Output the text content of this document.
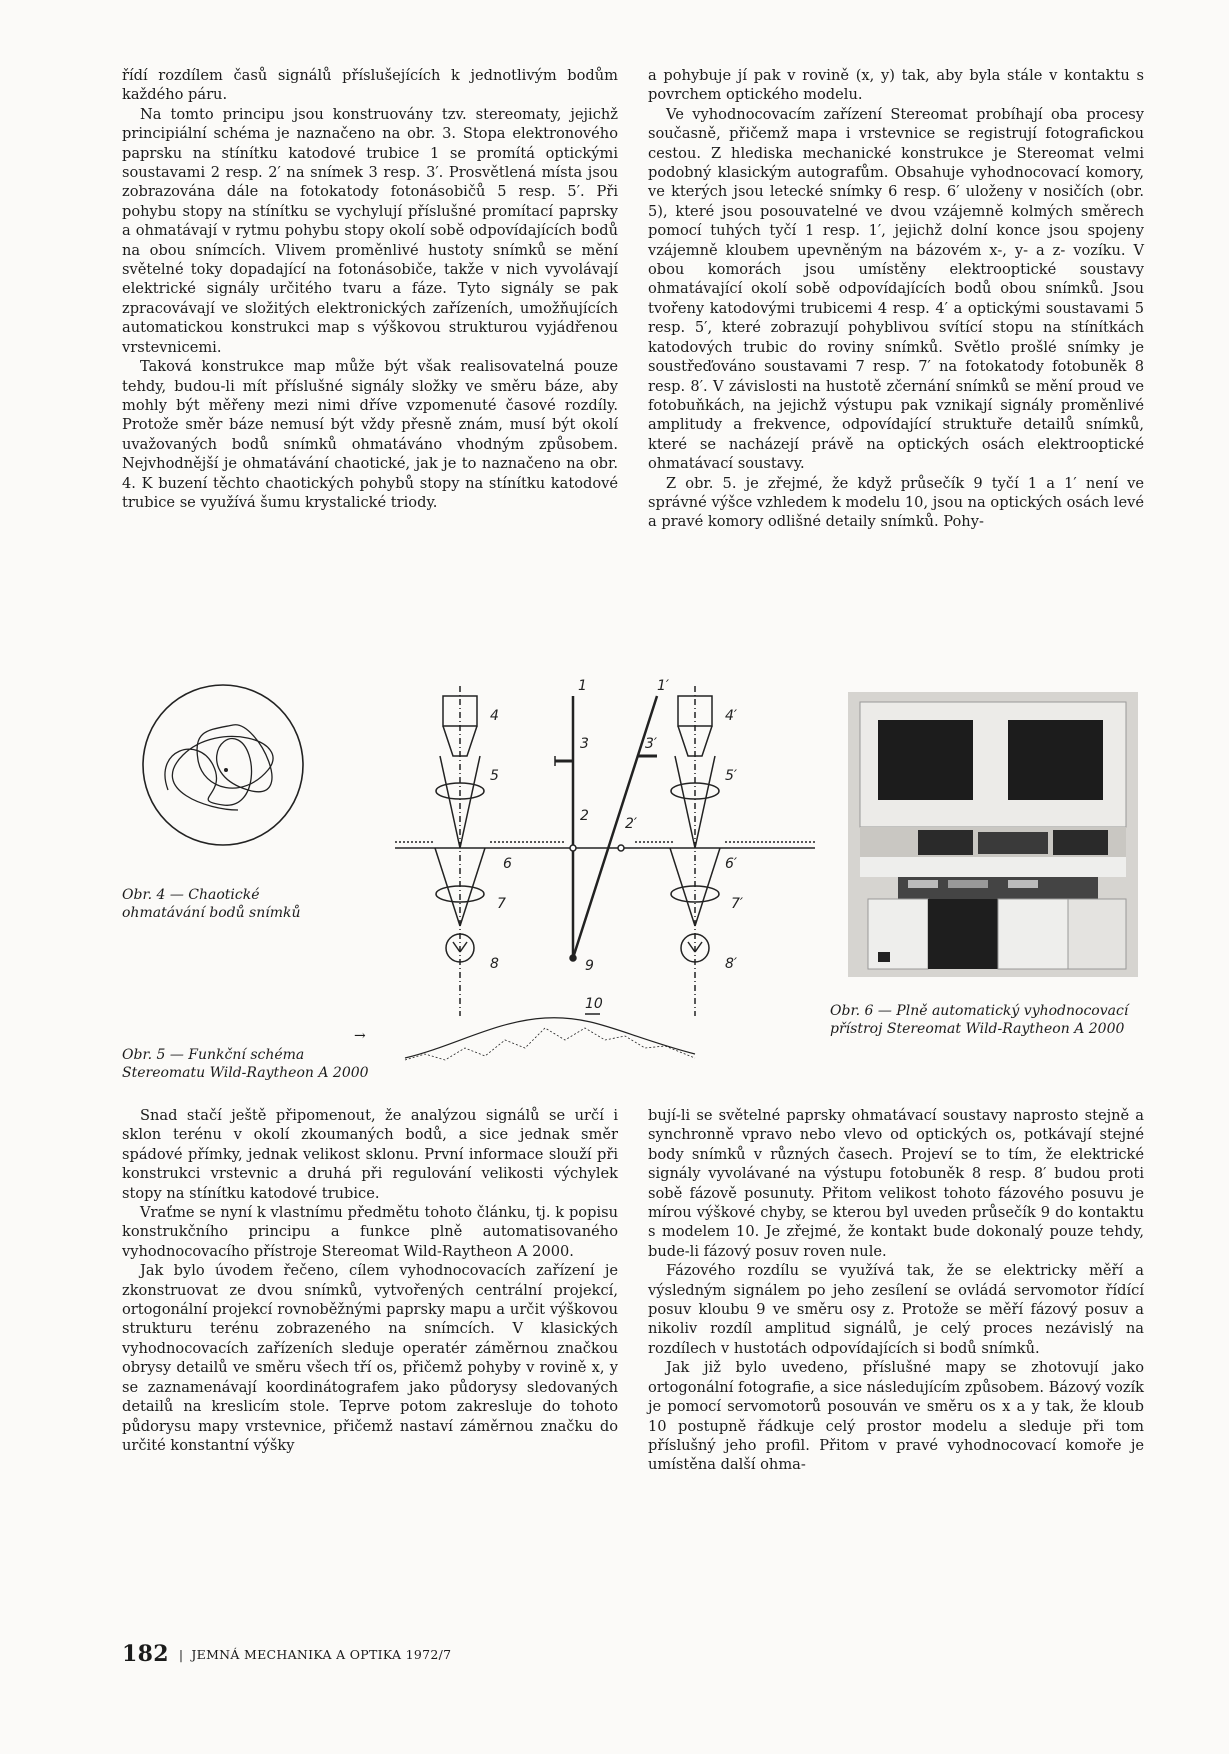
řídí rozdílem časů signálů příslušejících k jednotlivým bodům každého páru.

Na tomto principu jsou konstruovány tzv. stereomaty, jejichž principiální schéma je naznačeno na obr. 3. Stopa elektronového paprsku na stínítku katodové trubice 1 se promítá optickými soustavami 2 resp. 2′ na snímek 3 resp. 3′. Prosvětlená místa jsou zobrazována dále na fotokatody fotonásobičů 5 resp. 5′. Při pohybu stopy na stínítku se vychylují příslušné promítací paprsky a ohmatávají v rytmu pohybu stopy okolí sobě odpovídajících bodů na obou snímcích. Vlivem proměnlivé hustoty snímků se mění světelné toky dopadající na fotonásobiče, takže v nich vyvolávají elektrické signály určitého tvaru a fáze. Tyto signály se pak zpracovávají ve složitých elektronických zařízeních, umožňujících automatickou konstrukci map s výškovou strukturou vyjádřenou vrstevnicemi.

Taková konstrukce map může být však realisovatelná pouze tehdy, budou-li mít příslušné signály složky ve směru báze, aby mohly být měřeny mezi nimi dříve vzpomenuté časové rozdíly. Protože směr báze nemusí být vždy přesně znám, musí být okolí uvažovaných bodů snímků ohmatáváno vhodným způsobem. Nejvhodnější je ohmatávání chaotické, jak je to naznačeno na obr. 4. K buzení těchto chaotických pohybů stopy na stínítku katodové trubice se využívá šumu krystalické triody.

a pohybuje jí pak v rovině (x, y) tak, aby byla stále v kontaktu s povrchem optického modelu.

Ve vyhodnocovacím zařízení Stereomat probíhají oba procesy současně, přičemž mapa i vrstevnice se registrují fotografickou cestou. Z hlediska mechanické konstrukce je Stereomat velmi podobný klasickým autografům. Obsahuje vyhodnocovací komory, ve kterých jsou letecké snímky 6 resp. 6′ uloženy v nosičích (obr. 5), které jsou posouvatelné ve dvou vzájemně kolmých směrech pomocí tuhých tyčí 1 resp. 1′, jejichž dolní konce jsou spojeny vzájemně kloubem upevněným na bázovém x-, y- a z- vozíku. V obou komorách jsou umístěny elektrooptické soustavy ohmatávající okolí sobě odpovídajících bodů obou snímků. Jsou tvořeny katodovými trubicemi 4 resp. 4′ a optickými soustavami 5 resp. 5′, které zobrazují pohyblivou svítící stopu na stínítkách katodových trubic do roviny snímků. Světlo prošlé snímky je soustřeďováno soustavami 7 resp. 7′ na fotokatody fotobuněk 8 resp. 8′. V závislosti na hustotě zčernání snímků se mění proud ve fotobuňkách, na jejichž výstupu pak vznikají signály proměnlivé amplitudy a frekvence, odpovídající struktuře detailů snímků, které se nacházejí právě na optických osách elektrooptické ohmatávací soustavy.

Z obr. 5. je zřejmé, že když průsečík 9 tyčí 1 a 1′ není ve správné výšce vzhledem k modelu 10, jsou na optických osách levé a pravé komory odlišné detaily snímků. Pohy-

Obr. 4 — Chaotické ohmatávání bodů snímků
1
3
4
5
2
6
7
8	9
10
1′
3′
4′
5′
2′
6′
7′
8′
→
Obr. 5 — Funkční schéma Stereomatu Wild-Raytheon A 2000
Obr. 6 — Plně automatický vyhodnocovací přístroj Stereomat Wild-Raytheon A 2000

Snad stačí ještě připomenout, že analýzou signálů se určí i sklon terénu v okolí zkoumaných bodů, a sice jednak směr spádové přímky, jednak velikost sklonu. První informace slouží při konstrukci vrstevnic a druhá při regulování velikosti výchylek stopy na stínítku katodové trubice.

Vraťme se nyní k vlastnímu předmětu tohoto článku, tj. k popisu konstrukčního principu a funkce plně automatisovaného vyhodnocovacího přístroje Stereomat Wild-Raytheon A 2000.

Jak bylo úvodem řečeno, cílem vyhodnocovacích zařízení je zkonstruovat ze dvou snímků, vytvořených centrální projekcí, ortogonální projekcí rovnoběžnými paprsky mapu a určit výškovou strukturu terénu zobrazeného na snímcích. V klasických vyhodnocovacích zařízeních sleduje operatér záměrnou značkou obrysy detailů ve směru všech tří os, přičemž pohyby v rovině x, y se zaznamenávají koordinátografem jako půdorysy sledovaných detailů na kreslicím stole. Teprve potom zakresluje do tohoto půdorysu mapy vrstevnice, přičemž nastaví záměrnou značku do určité konstantní výšky

bují-li se světelné paprsky ohmatávací soustavy naprosto stejně a synchronně vpravo nebo vlevo od optických os, potkávají stejné body snímků v různých časech. Projeví se to tím, že elektrické signály vyvolávané na výstupu fotobuněk 8 resp. 8′ budou proti sobě fázově posunuty. Přitom velikost tohoto fázového posuvu je mírou výškové chyby, se kterou byl uveden průsečík 9 do kontaktu s modelem 10. Je zřejmé, že kontakt bude dokonalý pouze tehdy, bude-li fázový posuv roven nule.

Fázového rozdílu se využívá tak, že se elektricky měří a výsledným signálem po jeho zesílení se ovládá servomotor řídící posuv kloubu 9 ve směru osy z. Protože se měří fázový posuv a nikoliv rozdíl amplitud signálů, je celý proces nezávislý na rozdílech v hustotách odpovídajících si bodů snímků.

Jak již bylo uvedeno, příslušné mapy se zhotovují jako ortogonální fotografie, a sice následujícím způsobem. Bázový vozík je pomocí servomotorů posouván ve směru os x a y tak, že kloub 10 postupně řádkuje celý prostor modelu a sleduje při tom příslušný jeho profil. Přitom v pravé vyhodnocovací komoře je umístěna další ohma-

182 | JEMNÁ MECHANIKA A OPTIKA 1972/7
